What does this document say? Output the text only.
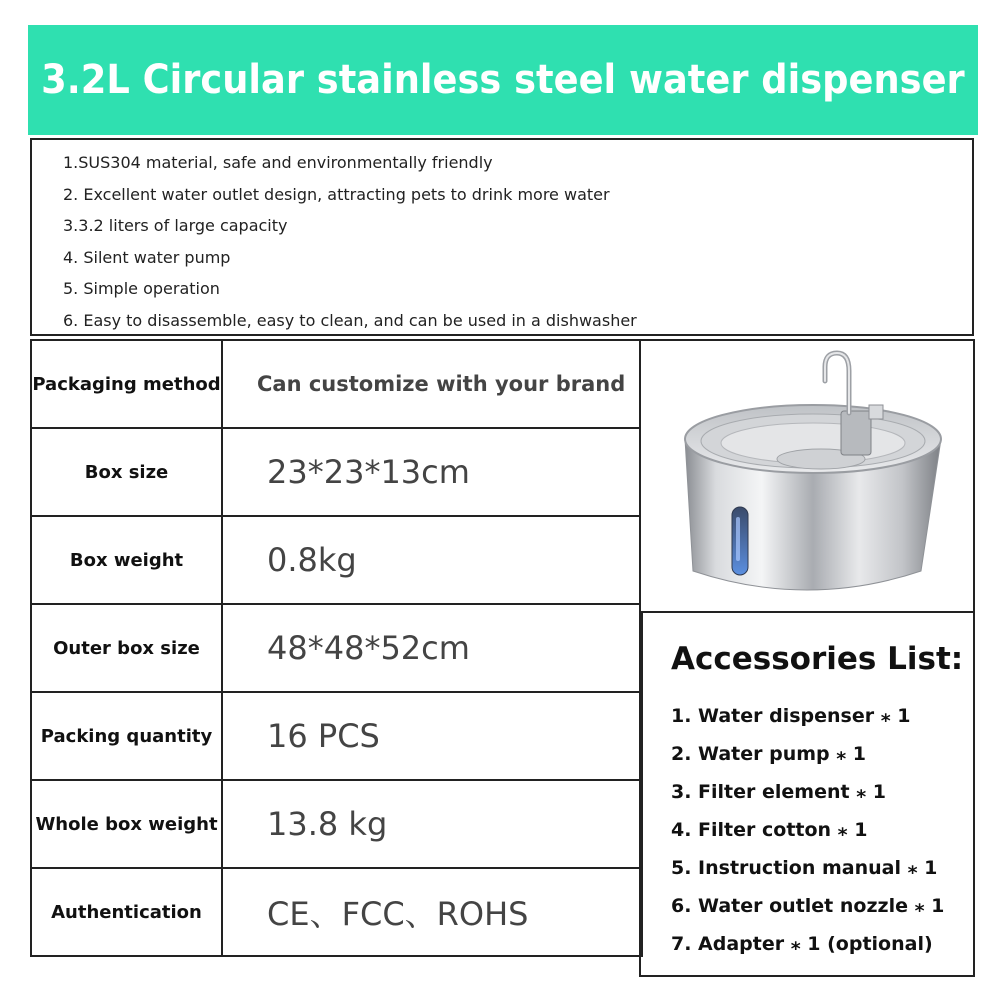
3.2L Circular stainless steel water dispenser
1.SUS304 material, safe and environmentally friendly
2. Excellent water outlet design, attracting pets to drink more water
3.3.2 liters of large capacity
4. Silent water pump
5. Simple operation
6. Easy to disassemble, easy to clean, and can be used in a dishwasher
Packaging method	Can customize with your brand
Box size	23*23*13cm
Box weight	0.8kg
Outer box size	48*48*52cm
Packing quantity	16 PCS
Whole box weight	13.8 kg
Authentication	CE、FCC、ROHS
Accessories List:
1. Water dispenser ⁎ 1
2. Water pump ⁎ 1
3. Filter element ⁎ 1
4. Filter cotton ⁎ 1
5. Instruction manual ⁎ 1
6. Water outlet nozzle ⁎ 1
7. Adapter ⁎ 1 (optional)
